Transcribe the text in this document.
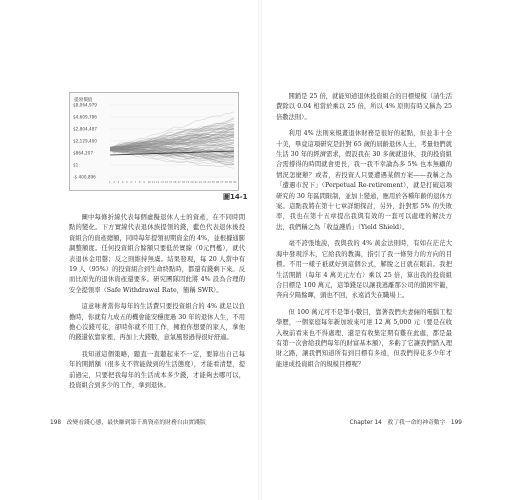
提領價值
$8,064,979
$4,609,786
$2,804,487
$2,129,400
$864,207
$1
-$ 400,896
1 2 3 4 5 6 7 8 9 10 11 12 13 14 15 16 17 18 19 20 21 22 23 24 25 26 27 28 29 30
圖14-1

圖中每條折線代表每個虛擬退休人士的資產，在不同時間點的變化。下方實線代表退休族提領的錢，藍色代表退休後投資組合的資產總額，同時每年提領初期資金的 4%，並根據通膨調整額度。任何投資組合餘額只要低於實線（0元門檻），就代表退休金用罄；反之則維持無虞。結果發現，每 20 人當中有 19 人（95%）的投資組合到生命終點時，都還有錢剩下來。反而比原先的退休資產還要多。研究團隊因此將 4% 設為合理的安全提領率（Safe Withdrawal Rate，簡稱 SWR）。

這意味著當你每年的生活費只要投資組合的 4% 就足以負擔時，你就有九成五的機會能安穩度過 30 年的退休人生，不用擔心沒錢可花，卻時你就不用工作，擁抱你想要的家人，拿他的錢還依靠家裡，再加上大錢數，意氣風發過得很好舒適。

我知道這個策略，聽直一直聽起來不一定，要算出自己每年的開銷額（很多支不管能做到的生活態度），才能看清楚，提前過完，只要把我每年的生活成本多少錢，才能夠去哪可以，投資組合到多少的工作，拿到退休。

開銷是 25 倍，就能知道退休投資組合的目標規模（請生活費除以 0.04 相當於乘以 25 倍，所以 4% 原則有時又稱為 25 倍數法則）。

利用 4% 法則來規畫退休財務是很好的起點，但並非十全十美，畢竟這項研究是針對 65 歲的屆齡退休人士，考量他們就生活 30 年的經濟需求，假設我在 30 多歲就退休，我的投資組合需撐得的時間就會更長，我一我不幸論為多 5% 也本無顧的情況怎麼辦？或者，若投資人只要遭遇某個方案——我稱之為「遭遇市況下」（Perpetual Re-retirement），就是打破這項研究的 30 年區間限制，並加上變通，應用於各種年齡的退休方案。這點我將在第十七章詳細探討，另外，針對那 5% 的失敗率，我也在第十五章提出我與有效的一套可以處理的解決方法，我們稱之為「收益護盾」（Yield Shield）。

毫不誇張地說，我與我的 4% 黃金法則時，有如在茫茫大海中發現浮木，它給我的教誨，指引了我一條努力的方向的目標。不用一樣子祇就好到這個公式，解脫之日就在眼前。我把生活開銷（每年 4 萬美元左右）乘以 25 倍，算出我的投資組合目標是 100 萬元，這筆錢足以讓我逃離那公司的鎖困牢籠，奔向夕陽餘暉，頭也不回，永遠消失在職場上。

但 100 萬元可不是筆小數目，靠著我們夫妻倆的電腦工程學歷，一個家庭每年新加坡來可達 12 萬 5,000 元（要是在收入稅前看來也不得處理、還是有收集定期有雞在此處，都是最有第一次會給我們每年的財富基本額），多虧了它讓我們踏入理財之路，讓我們知道所有到目標有多遠，但我們得花多少年才能達成投資組合的規模目標呢？

198 改變看錢心態，最快賺到第千萬資產的財務自由實踐版	Chapter 14 救了我一命的神奇數字 199
